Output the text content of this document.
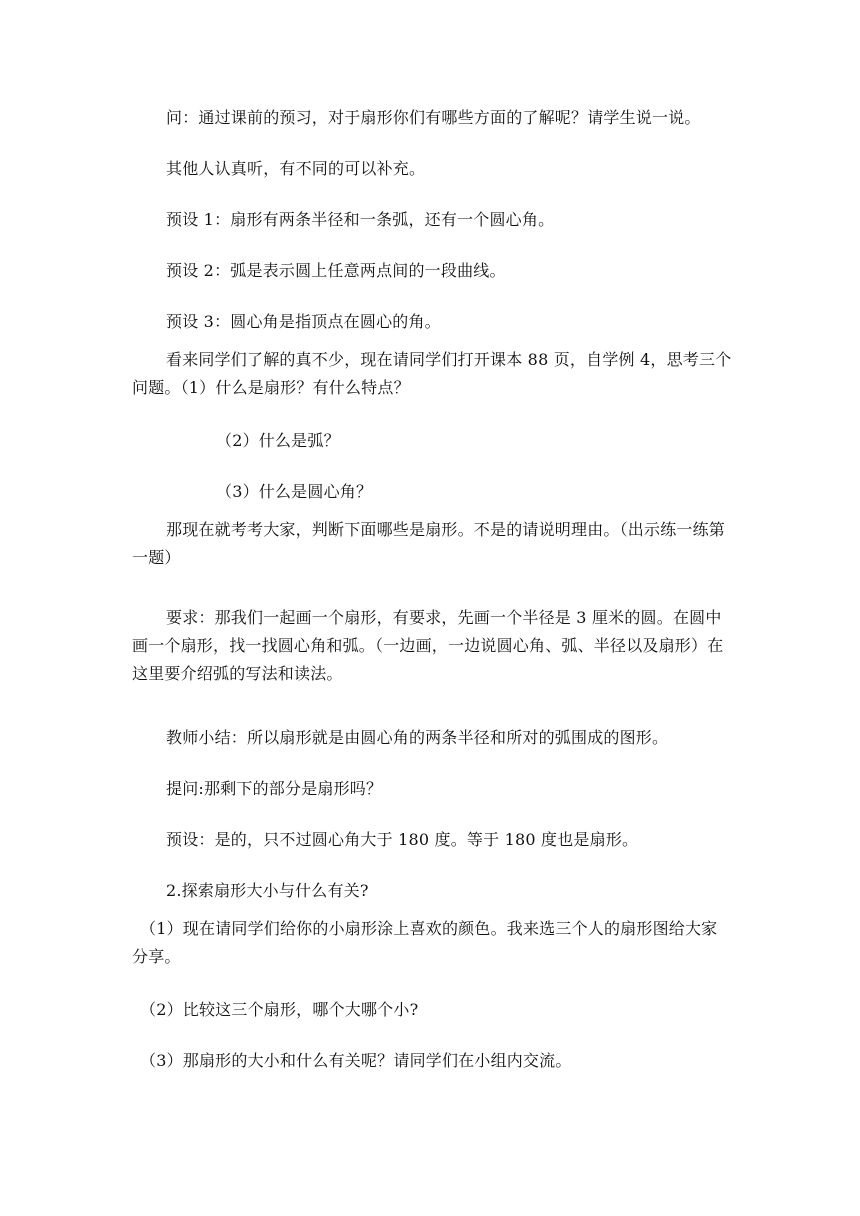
问：通过课前的预习，对于扇形你们有哪些方面的了解呢？请学生说一说。
其他人认真听，有不同的可以补充。
预设 1：扇形有两条半径和一条弧，还有一个圆心角。
预设 2：弧是表示圆上任意两点间的一段曲线。
预设 3：圆心角是指顶点在圆心的角。
看来同学们了解的真不少，现在请同学们打开课本 88 页，自学例 4，思考三个问题。（1）什么是扇形？有什么特点？
（2）什么是弧？
（3）什么是圆心角？
那现在就考考大家，判断下面哪些是扇形。不是的请说明理由。（出示练一练第一题）
要求：那我们一起画一个扇形，有要求，先画一个半径是 3 厘米的圆。在圆中画一个扇形，找一找圆心角和弧。（一边画，一边说圆心角、弧、半径以及扇形）在这里要介绍弧的写法和读法。
教师小结：所以扇形就是由圆心角的两条半径和所对的弧围成的图形。
提问:那剩下的部分是扇形吗？
预设：是的，只不过圆心角大于 180 度。等于 180 度也是扇形。
2.探索扇形大小与什么有关?
（1）现在请同学们给你的小扇形涂上喜欢的颜色。我来选三个人的扇形图给大家分享。
（2）比较这三个扇形，哪个大哪个小?
（3）那扇形的大小和什么有关呢？请同学们在小组内交流。
